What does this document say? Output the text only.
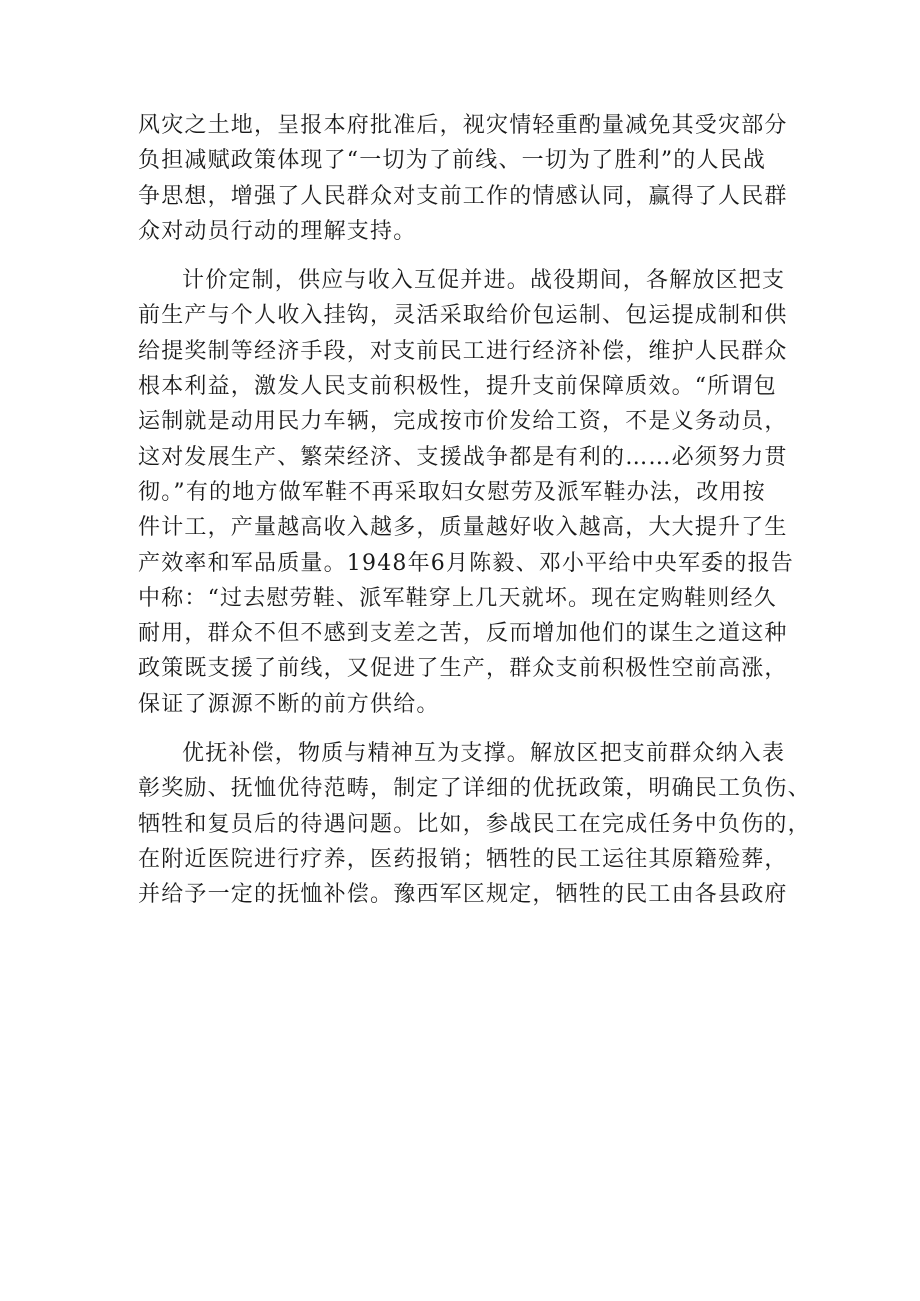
风灾之土地，呈报本府批准后，视灾情轻重酌量减免其受灾部分
负担减赋政策体现了“一切为了前线、一切为了胜利”的人民战
争思想，增强了人民群众对支前工作的情感认同，赢得了人民群
众对动员行动的理解支持。
计价定制，供应与收入互促并进。战役期间，各解放区把支
前生产与个人收入挂钩，灵活采取给价包运制、包运提成制和供
给提奖制等经济手段，对支前民工进行经济补偿，维护人民群众
根本利益，激发人民支前积极性，提升支前保障质效。“所谓包
运制就是动用民力车辆，完成按市价发给工资，不是义务动员，
这对发展生产、繁荣经济、支援战争都是有利的……必须努力贯
彻。”有的地方做军鞋不再采取妇女慰劳及派军鞋办法，改用按
件计工，产量越高收入越多，质量越好收入越高，大大提升了生
产效率和军品质量。1948年6月陈毅、邓小平给中央军委的报告
中称：“过去慰劳鞋、派军鞋穿上几天就坏。现在定购鞋则经久
耐用，群众不但不感到支差之苦，反而增加他们的谋生之道这种
政策既支援了前线，又促进了生产，群众支前积极性空前高涨，
保证了源源不断的前方供给。
优抚补偿，物质与精神互为支撑。解放区把支前群众纳入表
彰奖励、抚恤优待范畴，制定了详细的优抚政策，明确民工负伤、
牺牲和复员后的待遇问题。比如，参战民工在完成任务中负伤的，
在附近医院进行疗养，医药报销；牺牲的民工运往其原籍殓葬，
并给予一定的抚恤补偿。豫西军区规定，牺牲的民工由各县政府
